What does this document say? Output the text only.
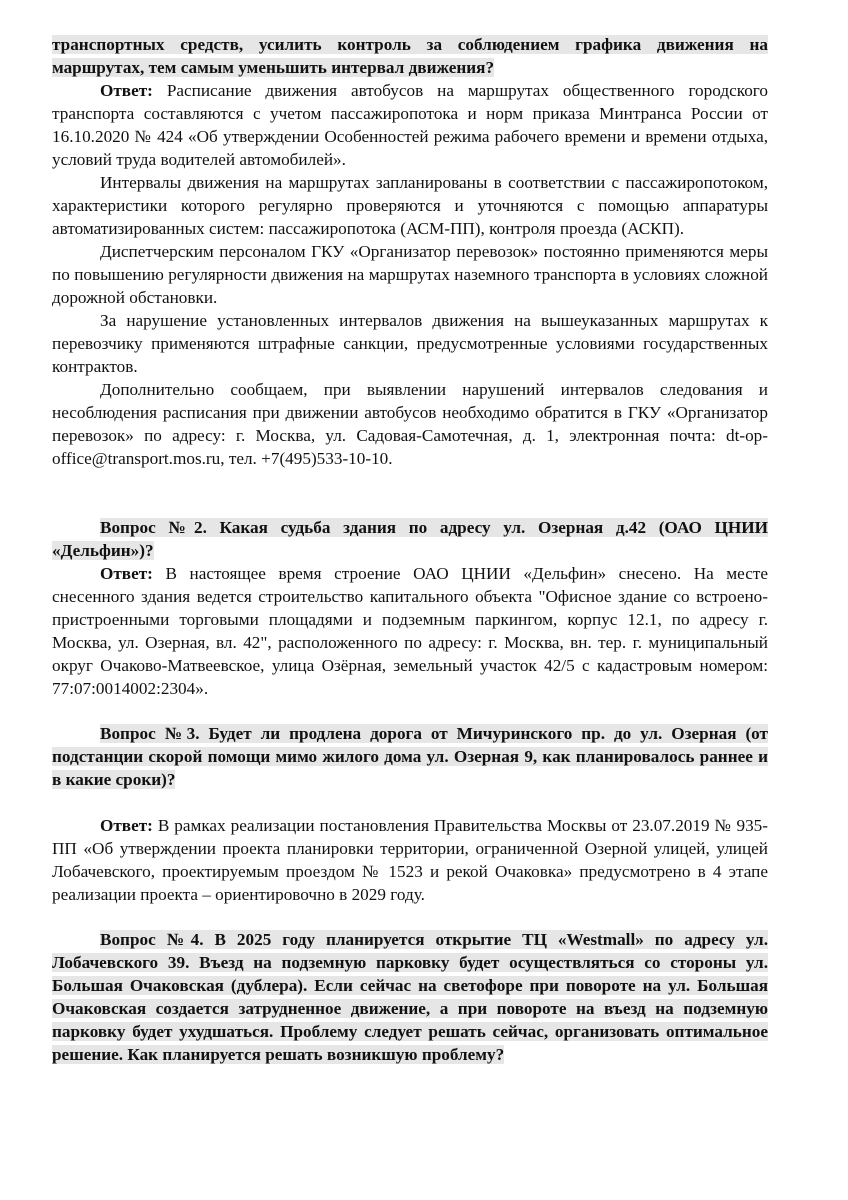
транспортных средств, усилить контроль за соблюдением графика движения на маршрутах, тем самым уменьшить интервал движения?

Ответ: Расписание движения автобусов на маршрутах общественного городского транспорта составляются с учетом пассажиропотока и норм приказа Минтранса России от 16.10.2020 № 424 «Об утверждении Особенностей режима рабочего времени и времени отдыха, условий труда водителей автомобилей».

Интервалы движения на маршрутах запланированы в соответствии с пассажиропотоком, характеристики которого регулярно проверяются и уточняются с помощью аппаратуры автоматизированных систем: пассажиропотока (АСМ-ПП), контроля проезда (АСКП).

Диспетчерским персоналом ГКУ «Организатор перевозок» постоянно применяются меры по повышению регулярности движения на маршрутах наземного транспорта в условиях сложной дорожной обстановки.

За нарушение установленных интервалов движения на вышеуказанных маршрутах к перевозчику применяются штрафные санкции, предусмотренные условиями государственных контрактов.

Дополнительно сообщаем, при выявлении нарушений интервалов следования и несоблюдения расписания при движении автобусов необходимо обратится в ГКУ «Организатор перевозок» по адресу: г. Москва, ул. Садовая-Самотечная, д. 1, электронная почта: dt-op-office@transport.mos.ru, тел. +7(495)533-10-10.

Вопрос №2. Какая судьба здания по адресу ул. Озерная д.42 (ОАО ЦНИИ «Дельфин»)?

Ответ: В настоящее время строение ОАО ЦНИИ «Дельфин» снесено. На месте снесенного здания ведется строительство капитального объекта "Офисное здание со встроено-пристроенными торговыми площадями и подземным паркингом, корпус 12.1, по адресу г. Москва, ул. Озерная, вл. 42", расположенного по адресу: г. Москва, вн. тер. г. муниципальный округ Очаково-Матвеевское, улица Озёрная, земельный участок 42/5 с кадастровым номером: 77:07:0014002:2304».

Вопрос №3. Будет ли продлена дорога от Мичуринского пр. до ул. Озерная (от подстанции скорой помощи мимо жилого дома ул. Озерная 9, как планировалось раннее и в какие сроки)?

Ответ: В рамках реализации постановления Правительства Москвы от 23.07.2019 № 935-ПП «Об утверждении проекта планировки территории, ограниченной Озерной улицей, улицей Лобачевского, проектируемым проездом № 1523 и рекой Очаковка» предусмотрено в 4 этапе реализации проекта – ориентировочно в 2029 году.

Вопрос №4. В 2025 году планируется открытие ТЦ «Westmall» по адресу ул. Лобачевского 39. Въезд на подземную парковку будет осуществляться со стороны ул. Большая Очаковская (дублера). Если сейчас на светофоре при повороте на ул. Большая Очаковская создается затрудненное движение, а при повороте на въезд на подземную парковку будет ухудшаться. Проблему следует решать сейчас, организовать оптимальное решение. Как планируется решать возникшую проблему?
